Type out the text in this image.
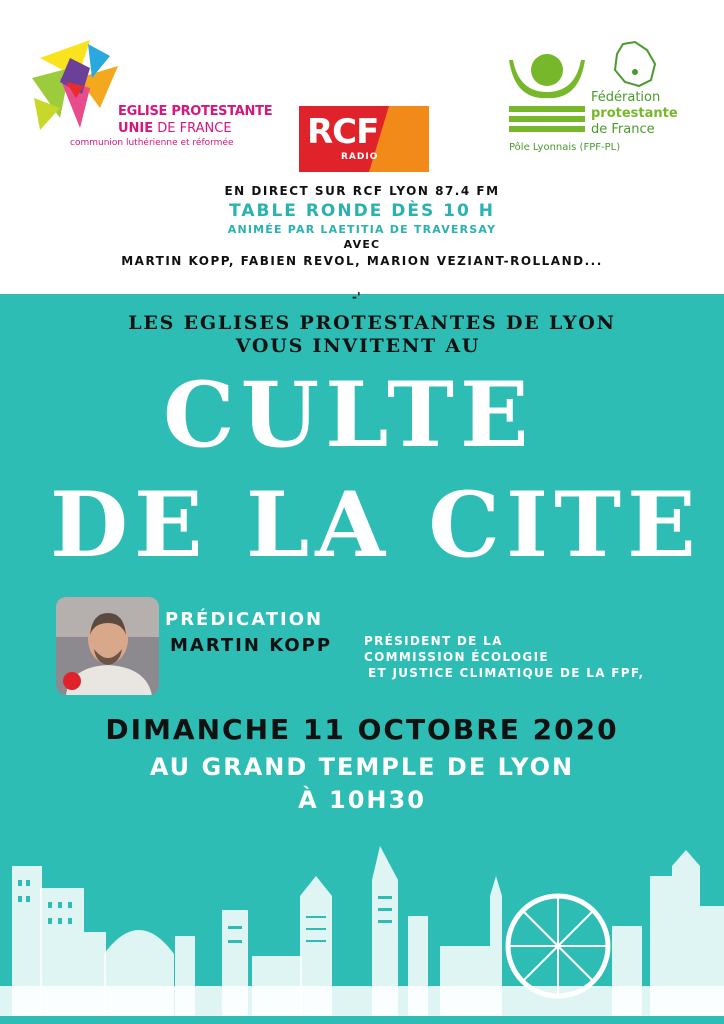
EGLISE PROTESTANTE
UNIE DE FRANCE
communion luthérienne et réformée RCF
RADIO
Fédération
protestante
de France
Pôle Lyonnais (FPF-PL)
EN DIRECT SUR RCF LYON 87.4 FM
TABLE RONDE DÈS 10 H
ANIMÉE PAR LAETITIA DE TRAVERSAY
AVEC
MARTIN KOPP, FABIEN REVOL, MARION VEZIANT-ROLLAND...
-'
LES EGLISES PROTESTANTES DE LYON
VOUS INVITENT AU
CULTE
DE LA CITE
PRÉDICATION
MARTIN KOPP	PRÉSIDENT DE LA
COMMISSION ÉCOLOGIE
ET JUSTICE CLIMATIQUE DE LA FPF,
DIMANCHE 11 OCTOBRE 2020
AU GRAND TEMPLE DE LYON
À 10H30
